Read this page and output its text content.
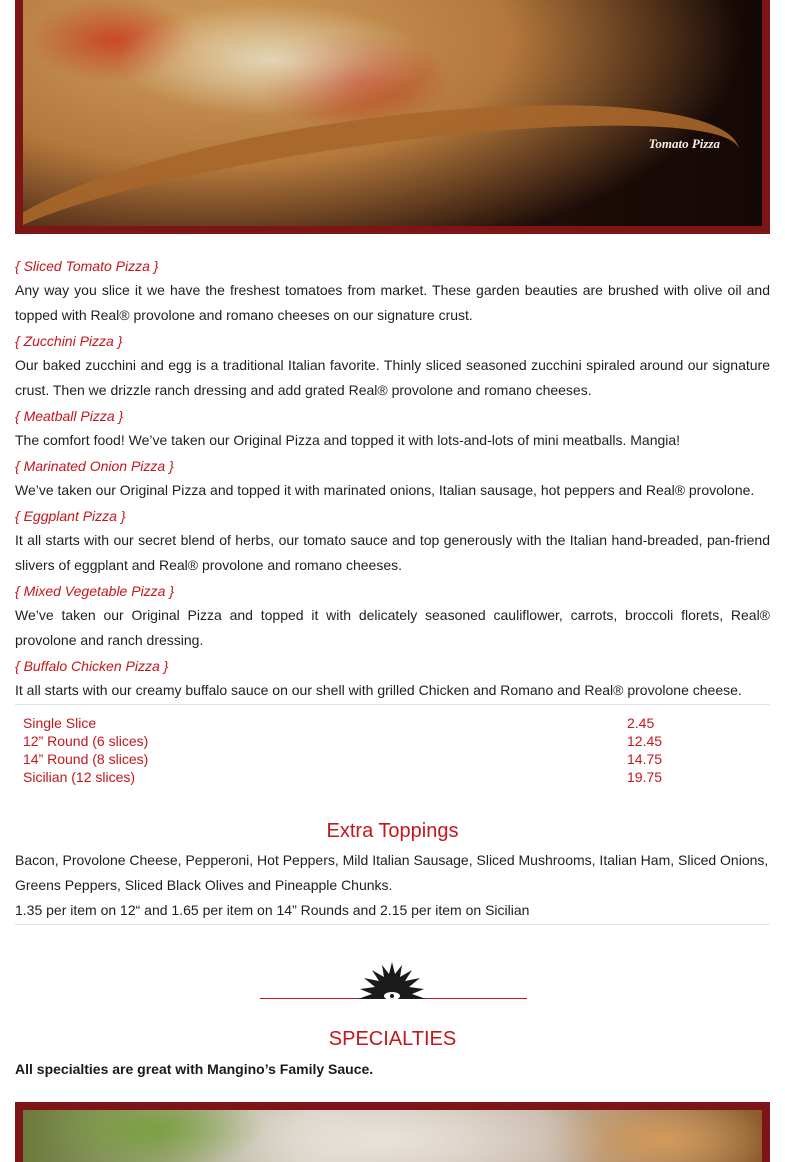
Tomato Pizza
{ Sliced Tomato Pizza }
Any way you slice it we have the freshest tomatoes from market. These garden beauties are brushed with olive oil and topped with Real® provolone and romano cheeses on our signature crust.
{ Zucchini Pizza }
Our baked zucchini and egg is a traditional Italian favorite. Thinly sliced seasoned zucchini spiraled around our signature crust. Then we drizzle ranch dressing and add grated Real® provolone and romano cheeses.
{ Meatball Pizza }
The comfort food! We’ve taken our Original Pizza and topped it with lots-and-lots of mini meatballs. Mangia!
{ Marinated Onion Pizza }
We’ve taken our Original Pizza and topped it with marinated onions, Italian sausage, hot peppers and Real® provolone.
{ Eggplant Pizza }
It all starts with our secret blend of herbs, our tomato sauce and top generously with the Italian hand-breaded, pan-friend slivers of eggplant and Real® provolone and romano cheeses.
{ Mixed Vegetable Pizza }
We’ve taken our Original Pizza and topped it with delicately seasoned cauliflower, carrots, broccoli florets, Real® provolone and ranch dressing.
{ Buffalo Chicken Pizza }
It all starts with our creamy buffalo sauce on our shell with grilled Chicken and Romano and Real® provolone cheese.
Single Slice	2.45
12” Round (6 slices)	12.45
14” Round (8 slices)	14.75
Sicilian (12 slices)	19.75
Extra Toppings
Bacon, Provolone Cheese, Pepperoni, Hot Peppers, Mild Italian Sausage, Sliced Mushrooms, Italian Ham, Sliced Onions, Greens Peppers, Sliced Black Olives and Pineapple Chunks.
1.35 per item on 12“ and 1.65 per item on 14” Rounds and 2.15 per item on Sicilian
SPECIALTIES
All specialties are great with Mangino’s Family Sauce.
